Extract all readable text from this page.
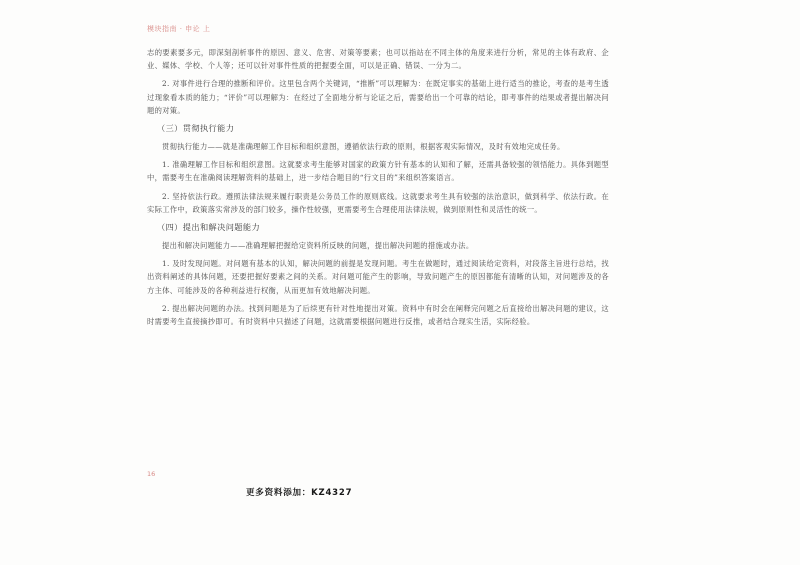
模块指南 · 申论 上

志的要素要多元，即深刻剖析事件的原因、意义、危害、对策等要素；也可以指站在不同主体的角度来进行分析，常见的主体有政府、企业、媒体、学校、个人等；还可以针对事件性质的把握要全面，可以是正确、错误、一分为二。

2. 对事件进行合理的推断和评价。这里包含两个关键词，“推断”可以理解为：在既定事实的基础上进行适当的推论，考查的是考生透过现象看本质的能力；“评价”可以理解为：在经过了全面地分析与论证之后，需要给出一个可靠的结论，即考事件的结果或者提出解决问题的对策。

（三）贯彻执行能力

贯彻执行能力——就是准确理解工作目标和组织意图，遵循依法行政的原则，根据客观实际情况，及时有效地完成任务。

1. 准确理解工作目标和组织意图。这就要求考生能够对国家的政策方针有基本的认知和了解，还需具备较强的领悟能力。具体到题型中，需要考生在准确阅读理解资料的基础上，进一步结合题目的“行文目的”来组织答案语言。

2. 坚持依法行政。遵照法律法规来履行职责是公务员工作的原则底线。这就要求考生具有较强的法治意识，做到科学、依法行政。在实际工作中，政策落实常涉及的部门较多，操作性较强，更需要考生合理使用法律法规，做到原则性和灵活性的统一。

（四）提出和解决问题能力

提出和解决问题能力——准确理解把握给定资料所反映的问题，提出解决问题的措施或办法。

1. 及时发现问题。对问题有基本的认知，解决问题的前提是发现问题。考生在做题时，通过阅读给定资料，对段落主旨进行总结，找出资料阐述的具体问题，还要把握好要素之间的关系。对问题可能产生的影响，导致问题产生的原因都能有清晰的认知，对问题涉及的各方主体、可能涉及的各种利益进行权衡，从而更加有效地解决问题。

2. 提出解决问题的办法。找到问题是为了后续更有针对性地提出对策。资料中有时会在阐释完问题之后直接给出解决问题的建议，这时需要考生直接摘抄即可。有时资料中只描述了问题，这就需要根据问题进行反推，或者结合现实生活，实际经验。

16
更多资料添加：KZ4327
